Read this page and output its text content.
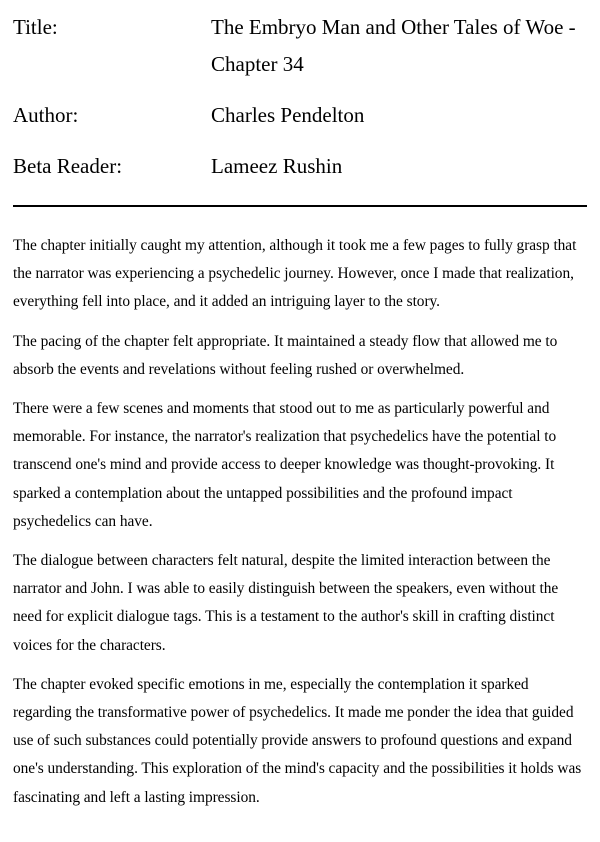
Title:	The Embryo Man and Other Tales of Woe - Chapter 34
Author:	Charles Pendelton
Beta Reader:	Lameez Rushin

The chapter initially caught my attention, although it took me a few pages to fully grasp that the narrator was experiencing a psychedelic journey. However, once I made that realization, everything fell into place, and it added an intriguing layer to the story.

The pacing of the chapter felt appropriate. It maintained a steady flow that allowed me to absorb the events and revelations without feeling rushed or overwhelmed.

There were a few scenes and moments that stood out to me as particularly powerful and memorable. For instance, the narrator's realization that psychedelics have the potential to transcend one's mind and provide access to deeper knowledge was thought-provoking. It sparked a contemplation about the untapped possibilities and the profound impact psychedelics can have.

The dialogue between characters felt natural, despite the limited interaction between the narrator and John. I was able to easily distinguish between the speakers, even without the need for explicit dialogue tags. This is a testament to the author's skill in crafting distinct voices for the characters.

The chapter evoked specific emotions in me, especially the contemplation it sparked regarding the transformative power of psychedelics. It made me ponder the idea that guided use of such substances could potentially provide answers to profound questions and expand one's understanding. This exploration of the mind's capacity and the possibilities it holds was fascinating and left a lasting impression.
